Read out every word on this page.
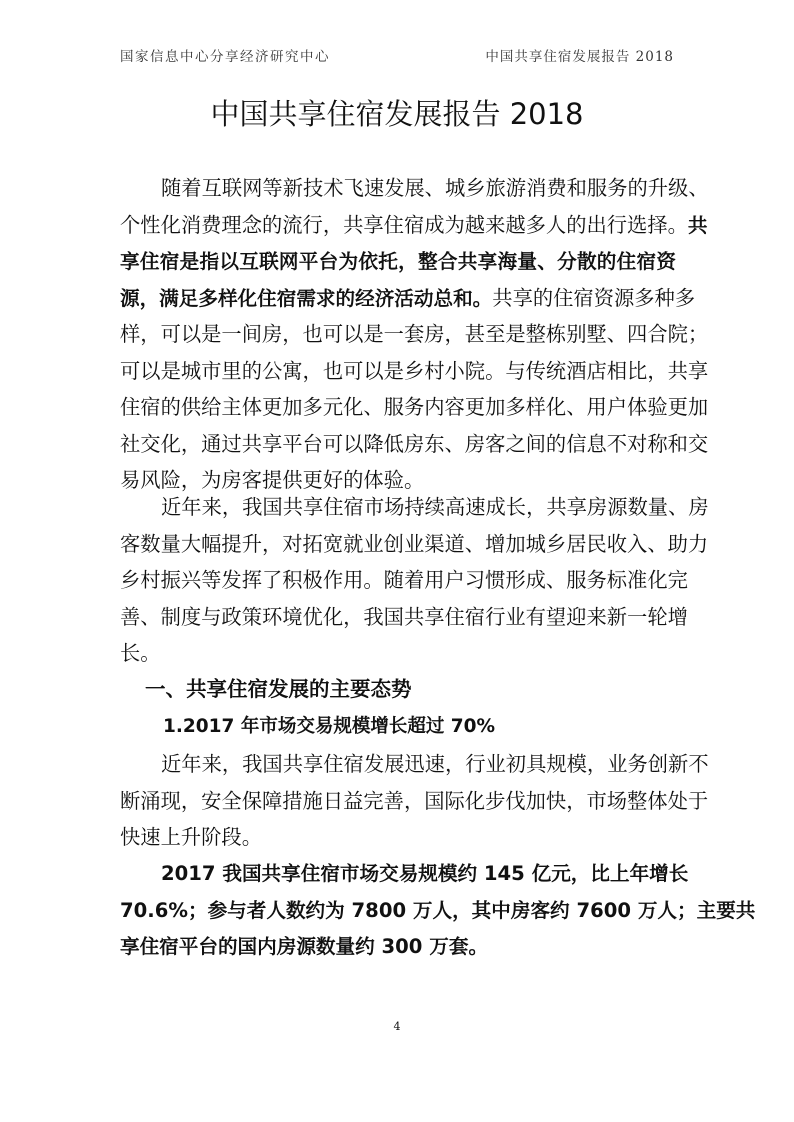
国家信息中心分享经济研究中心	中国共享住宿发展报告 2018
中国共享住宿发展报告 2018
随着互联网等新技术飞速发展、城乡旅游消费和服务的升级、
个性化消费理念的流行，共享住宿成为越来越多人的出行选择。共
享住宿是指以互联网平台为依托，整合共享海量、分散的住宿资
源，满足多样化住宿需求的经济活动总和。共享的住宿资源多种多
样，可以是一间房，也可以是一套房，甚至是整栋别墅、四合院；
可以是城市里的公寓，也可以是乡村小院。与传统酒店相比，共享
住宿的供给主体更加多元化、服务内容更加多样化、用户体验更加
社交化，通过共享平台可以降低房东、房客之间的信息不对称和交
易风险，为房客提供更好的体验。
近年来，我国共享住宿市场持续高速成长，共享房源数量、房
客数量大幅提升，对拓宽就业创业渠道、增加城乡居民收入、助力
乡村振兴等发挥了积极作用。随着用户习惯形成、服务标准化完
善、制度与政策环境优化，我国共享住宿行业有望迎来新一轮增
长。
一、共享住宿发展的主要态势
1.2017 年市场交易规模增长超过 70%
近年来，我国共享住宿发展迅速，行业初具规模，业务创新不
断涌现，安全保障措施日益完善，国际化步伐加快，市场整体处于
快速上升阶段。
2017 我国共享住宿市场交易规模约 145 亿元，比上年增长
70.6%；参与者人数约为 7800 万人，其中房客约 7600 万人；主要共
享住宿平台的国内房源数量约 300 万套。
4
